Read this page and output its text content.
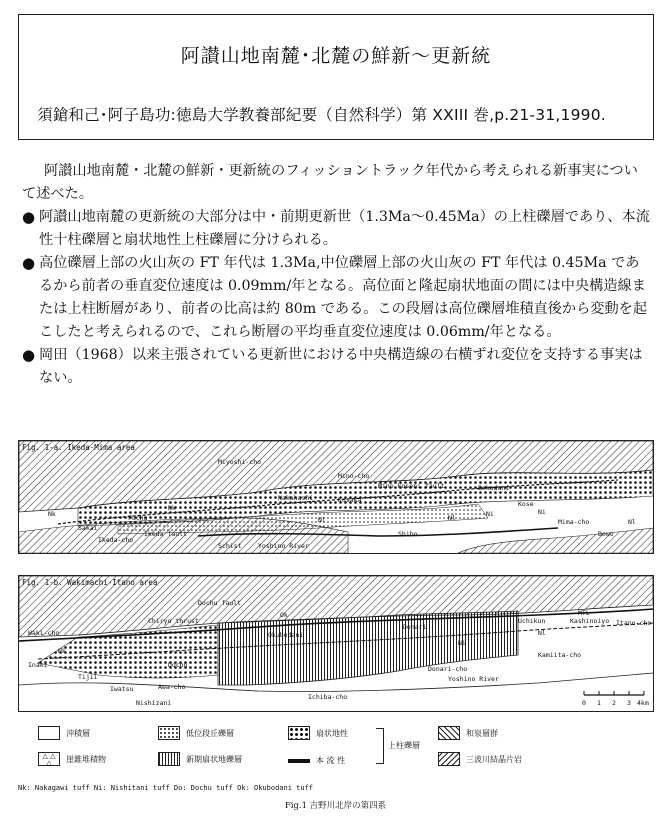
阿讃山地南麓･北麓の鮮新～更新統
須鎗和己･阿子島功:徳島大学教養部紀要（自然科学）第 XXIII 巻,p.21-31,1990.

阿讃山地南麓・北麓の鮮新・更新統のフィッショントラック年代から考えられる新事実について述べた。

● 阿讃山地南麓の更新統の大部分は中・前期更新世（1.3Ma～0.45Ma）の上柱礫層であり、本流性十柱礫層と扇状地性上柱礫層に分けられる。
● 高位礫層上部の火山灰の FT 年代は 1.3Ma,中位礫層上部の火山灰の FT 年代は 0.45Ma であるから前者の垂直変位速度は 0.09mm/年となる。高位面と隆起扇状地面の間には中央構造線または上柱断層があり、前者の比高は約 80m である。この段層は高位礫層堆積直後から変動を起こしたと考えられるので、これら断層の平均垂直変位速度は 0.06mm/年となる。
● 岡田（1968）以来主張されている更新世における中央構造線の右横ずれ変位を支持する事実はない。
Fig. 1-a. Ikeda-Mima area
Miyoshi-cho
Mino-cho
Mima-cho
Ikeda-cho
Yoshino River
Shibo
Kusaka
Bokudani
Fuchu
Sakai
Ikeda fault
Mino koseni fault
Schist
Nakahashi
Bowo
Kose
Nk	Nl	Ni	Ni
Nk
Nl
Nl
Fig. 1-b. Wakimachi-Itano area
Waki-cho
Chiryo thrust
Dochu fault
Okubodani
Donari
Uchikun	Kashinoiyo Itano-cho
Kamiita-cho
Donari-cho
Ichiba-cho
Awa-cho
Yoshino River
Nishizani
Iwatsu
Inaki
Tijii
Dochu
Nl
Nk
Ok	MTL
Ni
0 1 2 3 4km
沖積層	低位段丘礫層	扇状地性	和泉層群
△ △
△	崖錐堆積物	新期扇状地礫層	本 流 性	三波川結晶片岩
上柱礫層
Nk: Nakagawi tuff Ni: Nishitani tuff Do: Dochu tuff Ok: Okubodani tuff
Fig.1 吉野川北岸の第四系
